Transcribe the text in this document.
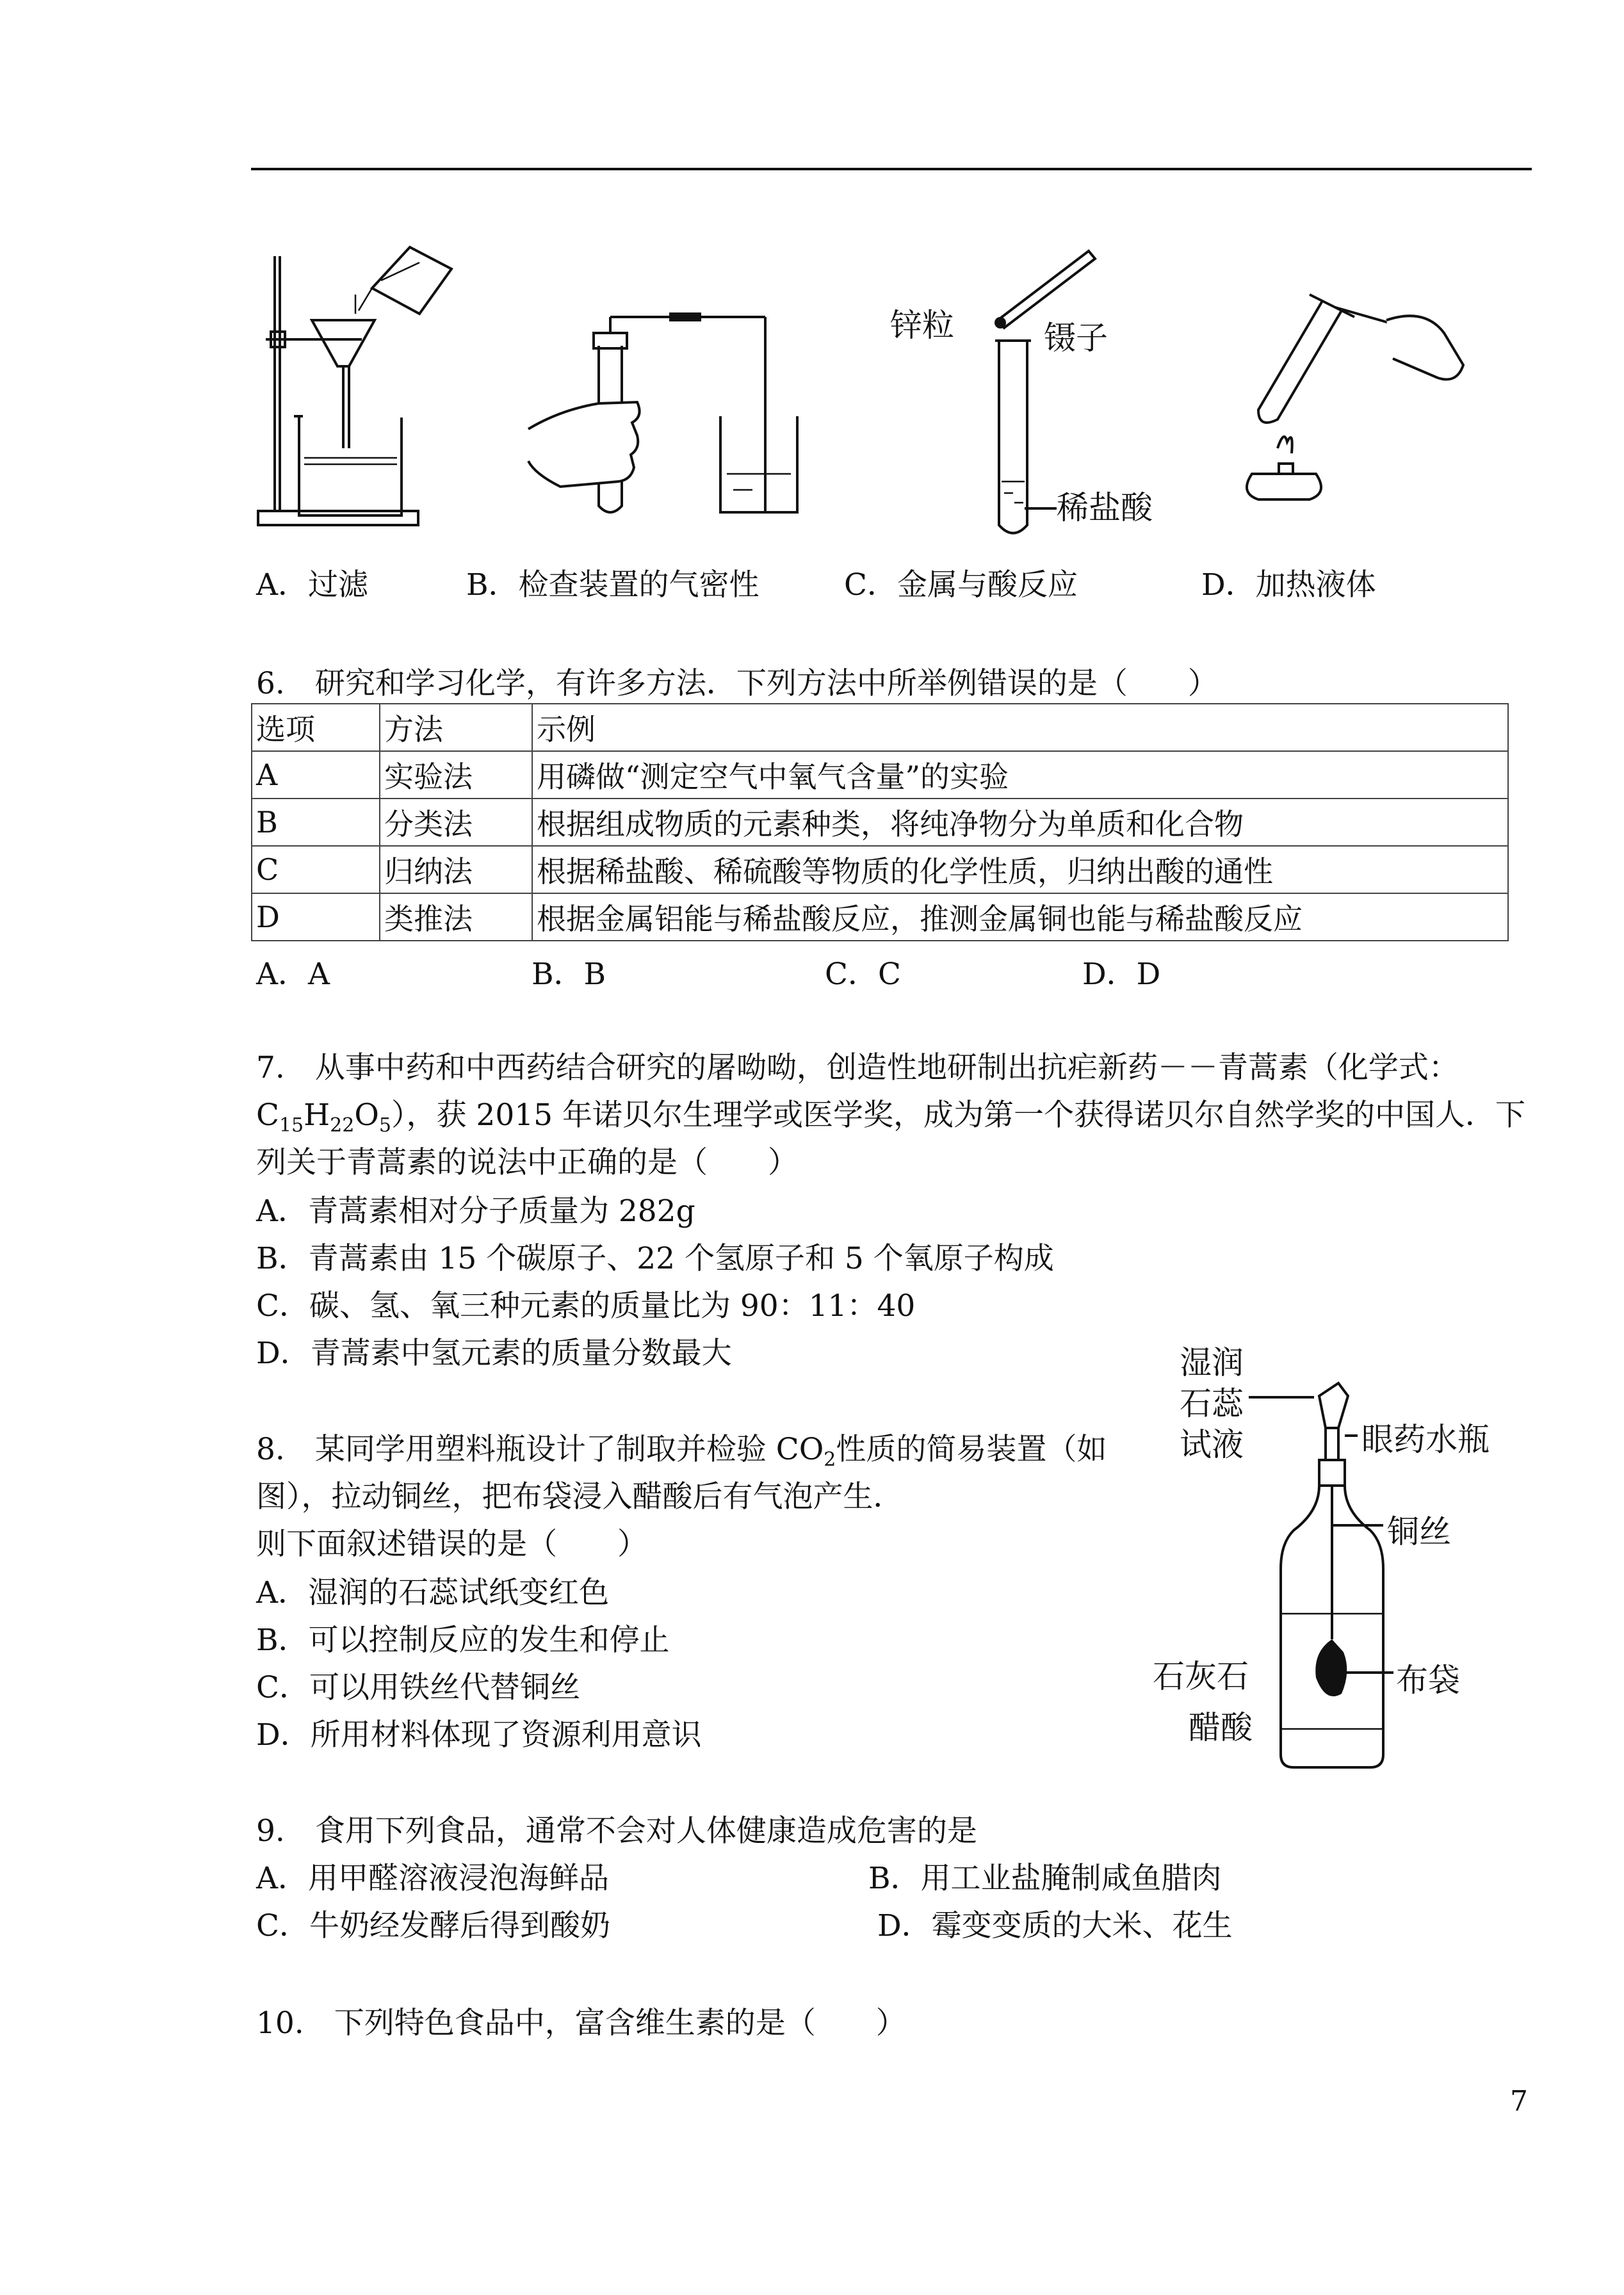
锌粒	镊子
稀盐酸
A．过滤	B．检查装置的气密性	C．金属与酸反应	D．加热液体
6.　研究和学习化学，有许多方法．下列方法中所举例错误的是（　　）
选项	方法	示例
A	实验法	用磷做“测定空气中氧气含量”的实验
B	分类法	根据组成物质的元素种类，将纯净物分为单质和化合物
C	归纳法	根据稀盐酸、稀硫酸等物质的化学性质，归纳出酸的通性
D	类推法	根据金属铝能与稀盐酸反应，推测金属铜也能与稀盐酸反应
A．A	B．B	C．C	D．D
7.　从事中药和中西药结合研究的屠呦呦，创造性地研制出抗疟新药－－青蒿素（化学式：
$C_{15}H_{22}O_5$），获 2015 年诺贝尔生理学或医学奖，成为第一个获得诺贝尔自然学奖的中国人．下
列关于青蒿素的说法中正确的是（　　）
A．青蒿素相对分子质量为 282g
B．青蒿素由 15 个碳原子、22 个氢原子和 5 个氧原子构成
C．碳、氢、氧三种元素的质量比为 90：11：40
D．青蒿素中氢元素的质量分数最大
8.　某同学用塑料瓶设计了制取并检验 $CO_2$性质的简易装置（如
图），拉动铜丝，把布袋浸入醋酸后有气泡产生．
则下面叙述错误的是（　　）
A．湿润的石蕊试纸变红色
B．可以控制反应的发生和停止
C．可以用铁丝代替铜丝
D．所用材料体现了资源利用意识
湿润
石蕊
试液	眼药水瓶
铜丝
石灰石	布袋
醋酸
9.　食用下列食品，通常不会对人体健康造成危害的是
A．用甲醛溶液浸泡海鲜品	B．用工业盐腌制咸鱼腊肉
C．牛奶经发酵后得到酸奶	D．霉变变质的大米、花生
10.　下列特色食品中，富含维生素的是（　　）
7
